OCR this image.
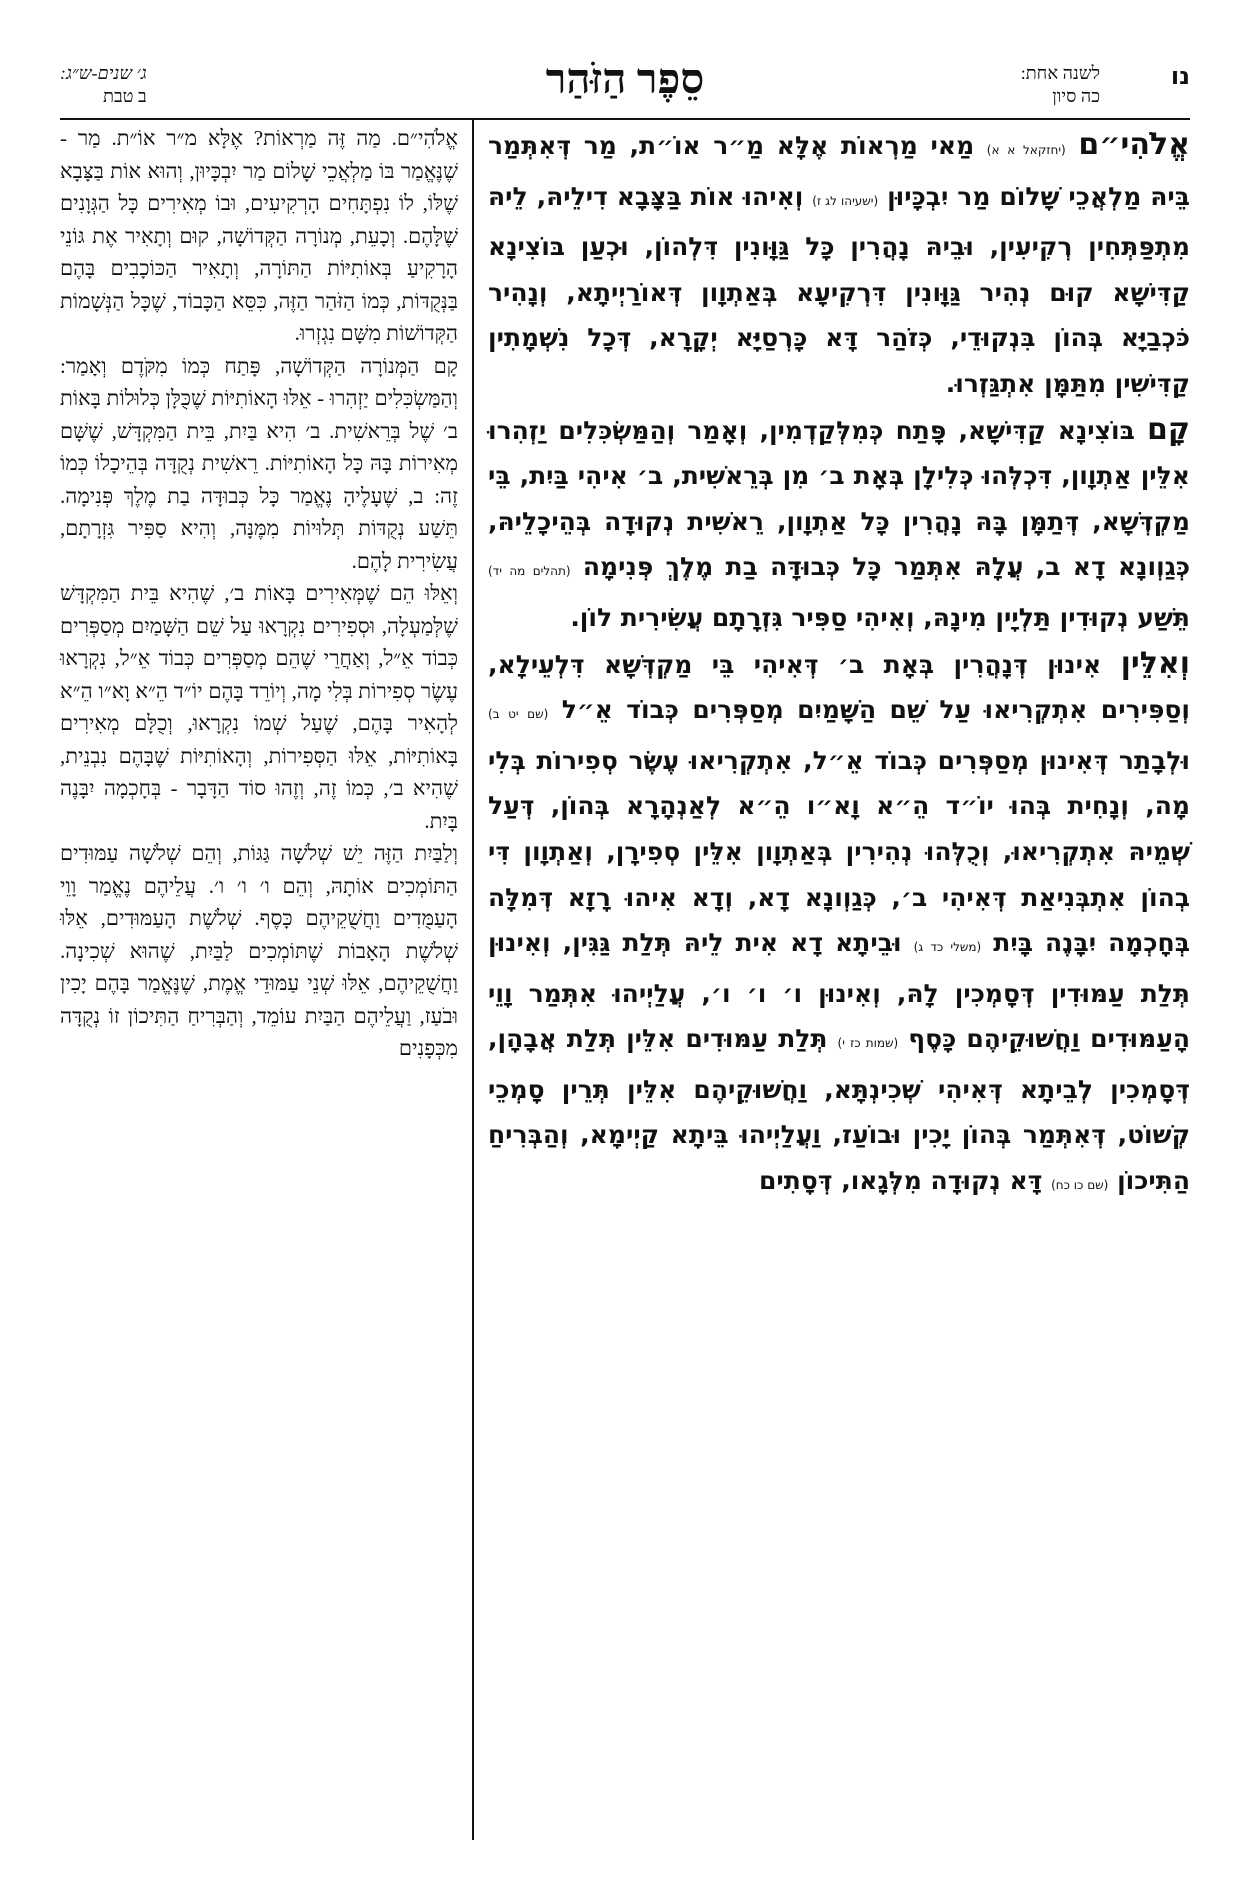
נו
לשנה אחת:
כה סיון
סֵפֶר הַזֹּהַר
ג׳ שנים-ש״ג:
ב טבת

אֱלֹהִי״ם (יחזקאל א א) מַאי מַרְאוֹת אֶלָּא מַ״ר אוֹ״ת, מַר דְּאִתְּמַר בֵּיהּ מַלְאֲכֵי שָׁלוֹם מַר יִבְכָּיוּן (ישעיהו לג ז) וְאִיהוּ אוֹת בַּצָּבָא דִילֵיהּ, לֵיהּ מִתְפַּתְּחִין רְקִיעִין, וּבֵיהּ נָהֲרִין כָּל גַּוָּונִין דִּלְהוֹן, וּכְעַן בּוֹצִינָא קַדִּישָׁא קוּם נְהִיר גַּוָּונִין דִּרְקִיעָא בְּאַתְוָון דְּאוֹרַיְיתָא, וְנָהִיר כֹּכְבַיָּא בְּהוֹן בִּנְקוּדֵי, כְּזֹהַר דָּא כָּרְסַיָּא יְקָרָא, דְּכָל נִשְׁמָתִין קַדִּישִׁין מִתַּמָּן אִתְגַּזְרוּ.

קָם בּוֹצִינָא קַדִּישָׁא, פָּתַח כְּמִלְּקַדְמִין, וְאָמַר וְהַמַּשְׂכִּלִים יַזְהִרוּ אִלֵּין אַתְוָון, דִּכְלְּהוּ כְּלִילָן בְּאָת ב׳ מִן בְּרֵאשִׁית, ב׳ אִיהִי בַּיִת, בֵּי מַקְדְּשָׁא, דְּתַמָּן בָּהּ נָהֲרִין כָּל אַתְוָון, רֵאשִׁית נְקוּדָה בְּהֵיכָלֵיהּ, כְּגַוְונָא דָא ב, עֲלָהּ אִתְּמַר כָּל כְּבוּדָּה בַת מֶלֶךְ פְּנִימָה (תהלים מה יד) תֵּשַׁע נְקוּדִין תַּלְיָין מִינָהּ, וְאִיהִי סַפִּיר גִּזְרָתָם עֲשִׂירִית לוֹן.

וְאִלֵּין אִינוּן דְּנָהֲרִין בְּאָת ב׳ דְּאִיהִי בֵּי מַקְדְּשָׁא דִּלְעֵילָא, וְסַפִּירִים אִתְקְרִיאוּ עַל שֵׁם הַשָּׁמַיִם מְסַפְּרִים כְּבוֹד אֵ״ל (שם יט ב) וּלְבָתַר דְּאִינוּן מְסַפְּרִים כְּבוֹד אֵ״ל, אִתְקְרִיאוּ עֶשֶׂר סְפִירוֹת בְּלִי מָה, וְנָחִית בְּהוּ יוֹ״ד הֵ״א וָא״ו הֵ״א לְאַנְהָרָא בְּהוֹן, דְּעַל שְׁמֵיהּ אִתְקְרִיאוּ, וְכֻלְּהוּ נְהִירִין בְּאַתְוָון אִלֵּין סְפִירָן, וְאַתְוָון דִּי בְהוֹן אִתְבְּנִיאַת דְּאִיהִי ב׳, כְּגַוְונָא דָא, וְדָא אִיהוּ רָזָא דְּמִלָּה בְּחָכְמָה יִבָּנֶה בָּיִת (משלי כד ג) וּבֵיתָא דָא אִית לֵיהּ תְּלַת גַּגִּין, וְאִינוּן תְּלַת עַמּוּדִין דְּסָמְכִין לָהּ, וְאִינוּן ו׳ ו׳ ו׳, עֲלַיְיהוּ אִתְּמַר וָוֵי הָעַמּוּדִים וַחֲשׁוּקֵיהֶם כָּסֶף (שמות כז י) תְּלַת עַמּוּדִים אִלֵּין תְּלַת אֲבָהָן, דְּסָמְכִין לְבֵיתָא דְּאִיהִי שְׁכִינְתָּא, וַחֲשׁוּקֵיהֶם אִלֵּין תְּרֵין סָמְכֵי קְשׁוֹט, דְּאִתְּמַר בְּהוֹן יָכִין וּבוֹעַז, וַעֲלַיְיהוּ בֵּיתָא קַיְימָא, וְהַבְּרִיחַ הַתִּיכוֹן (שם כו כח) דָּא נְקוּדָה מִלְּגָאו, דְּסָתִים

אֱלֹהִי״ם. מַה זֶּה מַרְאוֹת? אֶלָּא מ״ר אוֹ״ת. מַר - שֶׁנֶּאֱמַר בּוֹ מַלְאֲכֵי שָׁלוֹם מַר יִבְכָּיוּן, וְהוּא אוֹת בַּצָּבָא שֶׁלּוֹ, לוֹ נִפְתָּחִים הָרְקִיעִים, וּבוֹ מְאִירִים כָּל הַגְּוָנִים שֶׁלָּהֶם. וְכָעֵת, מְנוֹרָה הַקְּדוֹשָׁה, קוּם וְתָאִיר אֶת גּוֹנֵי הָרָקִיעַ בְּאוֹתִיּוֹת הַתּוֹרָה, וְתָאִיר הַכּוֹכָבִים בָּהֶם בַּנְּקֻדּוֹת, כְּמוֹ הַזֹּהַר הַזֶּה, כִּסֵּא הַכָּבוֹד, שֶׁכָּל הַנְּשָׁמוֹת הַקְּדוֹשׁוֹת מִשָּׁם נִגְזְרוּ.

קָם הַמְּנוֹרָה הַקְּדוֹשָׁה, פָּתַח כְּמוֹ מִקֹּדֶם וְאָמַר: וְהַמַּשְׂכִּלִים יַזְהִרוּ - אֵלּוּ הָאוֹתִיּוֹת שֶׁכֻּלָּן כְּלוּלוֹת בָּאוֹת ב׳ שֶׁל בְּרֵאשִׁית. ב׳ הִיא בַּיִת, בֵּית הַמִּקְדָּשׁ, שֶׁשָּׁם מְאִירוֹת בָּהּ כָּל הָאוֹתִיּוֹת. רֵאשִׁית נְקֻדָּה בְּהֵיכָלוֹ כְּמוֹ זֶה: ב, שֶׁעָלֶיהָ נֶאֱמַר כָּל כְּבוּדָּה בַת מֶלֶךְ פְּנִימָה. תֵּשַׁע נְקֻדּוֹת תְּלוּיוֹת מִמֶּנָּה, וְהִיא סַפִּיר גִּזְרָתָם, עֲשִׂירִית לָהֶם.

וְאֵלּוּ הֵם שֶׁמְּאִירִים בָּאוֹת ב׳, שֶׁהִיא בֵּית הַמִּקְדָּשׁ שֶׁלְּמַעְלָה, וּסְפִירִים נִקְרָאוּ עַל שֵׁם הַשָּׁמַיִם מְסַפְּרִים כְּבוֹד אֵ״ל, וְאַחֲרֵי שֶׁהֵם מְסַפְּרִים כְּבוֹד אֵ״ל, נִקְרָאוּ עֶשֶׂר סְפִירוֹת בְּלִי מָה, וְיוֹרֵד בָּהֶם יוֹ״ד הֵ״א וָא״ו הֵ״א לְהָאִיר בָּהֶם, שֶׁעַל שְׁמוֹ נִקְרָאוּ, וְכֻלָּם מְאִירִים בָּאוֹתִיּוֹת, אֵלּוּ הַסְּפִירוֹת, וְהָאוֹתִיּוֹת שֶׁבָּהֶם נִבְנֵית, שֶׁהִיא ב׳, כְּמוֹ זֶה, וְזֶהוּ סוֹד הַדָּבָר - בְּחָכְמָה יִבָּנֶה בָּיִת.

וְלַבַּיִת הַזֶּה יֵשׁ שְׁלֹשָׁה גַּגּוֹת, וְהֵם שְׁלֹשָׁה עַמּוּדִים הַתּוֹמְכִים אוֹתָהּ, וְהֵם ו׳ ו׳ ו׳. עֲלֵיהֶם נֶאֱמַר וָוֵי הָעַמֻּדִים וַחֲשֻׁקֵיהֶם כָּסֶף. שְׁלֹשֶׁת הָעַמּוּדִים, אֵלּוּ שְׁלֹשֶׁת הָאָבוֹת שֶׁתּוֹמְכִים לַבַּיִת, שֶׁהוּא שְׁכִינָה. וַחֲשֻׁקֵיהֶם, אֵלּוּ שְׁנֵי עַמּוּדֵי אֱמֶת, שֶׁנֶּאֱמַר בָּהֶם יָכִין וּבֹעַז, וַעֲלֵיהֶם הַבַּיִת עוֹמֵד, וְהַבְּרִיחַ הַתִּיכוֹן זוֹ נְקֻדָּה מִכְּפָנִים
